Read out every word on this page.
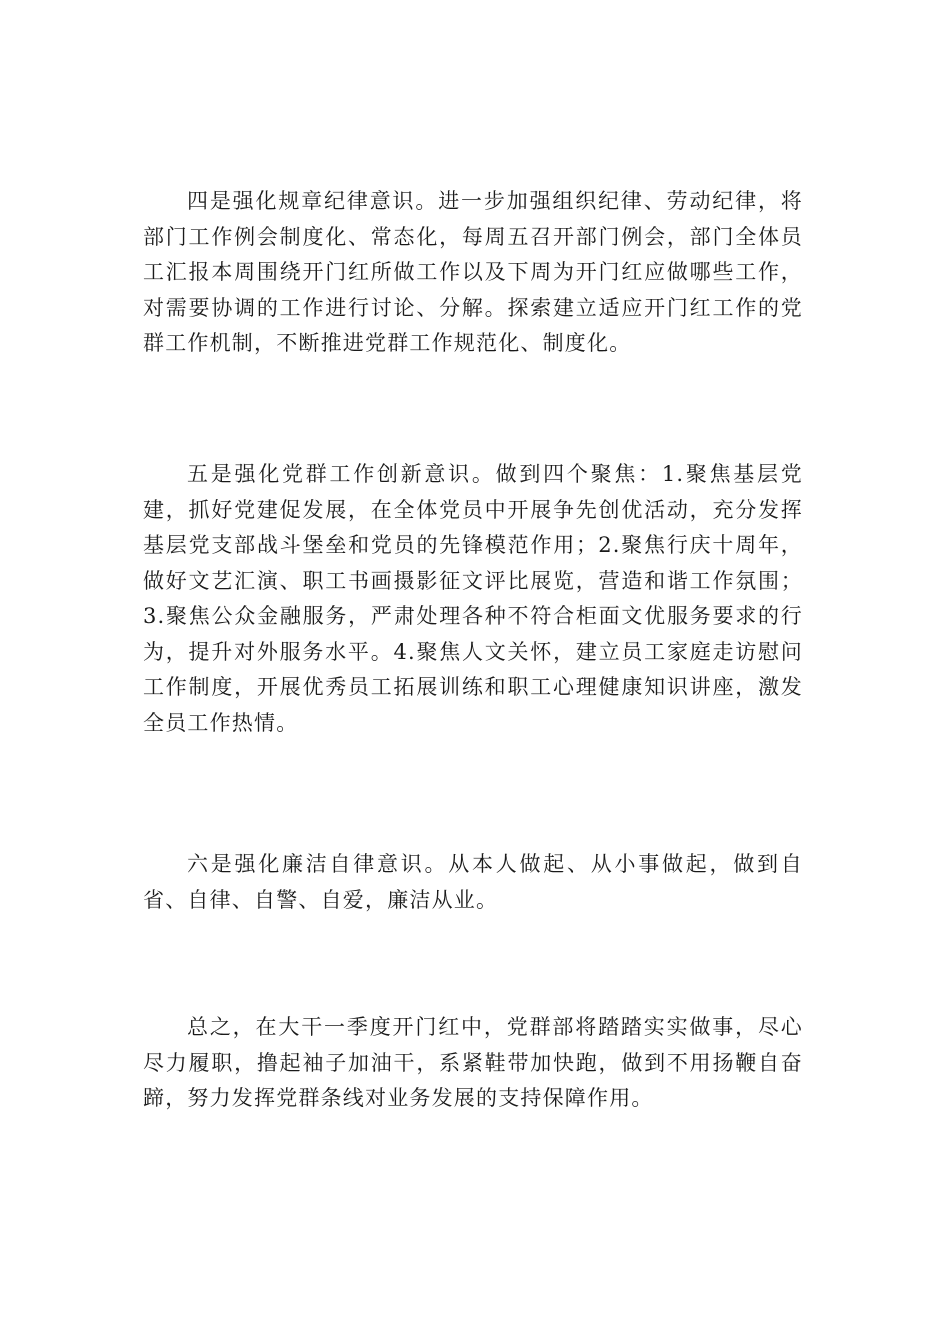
四是强化规章纪律意识。进一步加强组织纪律、劳动纪律，将部门工作例会制度化、常态化，每周五召开部门例会，部门全体员工汇报本周围绕开门红所做工作以及下周为开门红应做哪些工作，对需要协调的工作进行讨论、分解。探索建立适应开门红工作的党群工作机制，不断推进党群工作规范化、制度化。

五是强化党群工作创新意识。做到四个聚焦：1.聚焦基层党建，抓好党建促发展，在全体党员中开展争先创优活动，充分发挥基层党支部战斗堡垒和党员的先锋模范作用；2.聚焦行庆十周年，做好文艺汇演、职工书画摄影征文评比展览，营造和谐工作氛围；3.聚焦公众金融服务，严肃处理各种不符合柜面文优服务要求的行为，提升对外服务水平。4.聚焦人文关怀，建立员工家庭走访慰问工作制度，开展优秀员工拓展训练和职工心理健康知识讲座，激发全员工作热情。

六是强化廉洁自律意识。从本人做起、从小事做起，做到自省、自律、自警、自爱，廉洁从业。

总之，在大干一季度开门红中，党群部将踏踏实实做事，尽心尽力履职，撸起袖子加油干，系紧鞋带加快跑，做到不用扬鞭自奋蹄，努力发挥党群条线对业务发展的支持保障作用。
